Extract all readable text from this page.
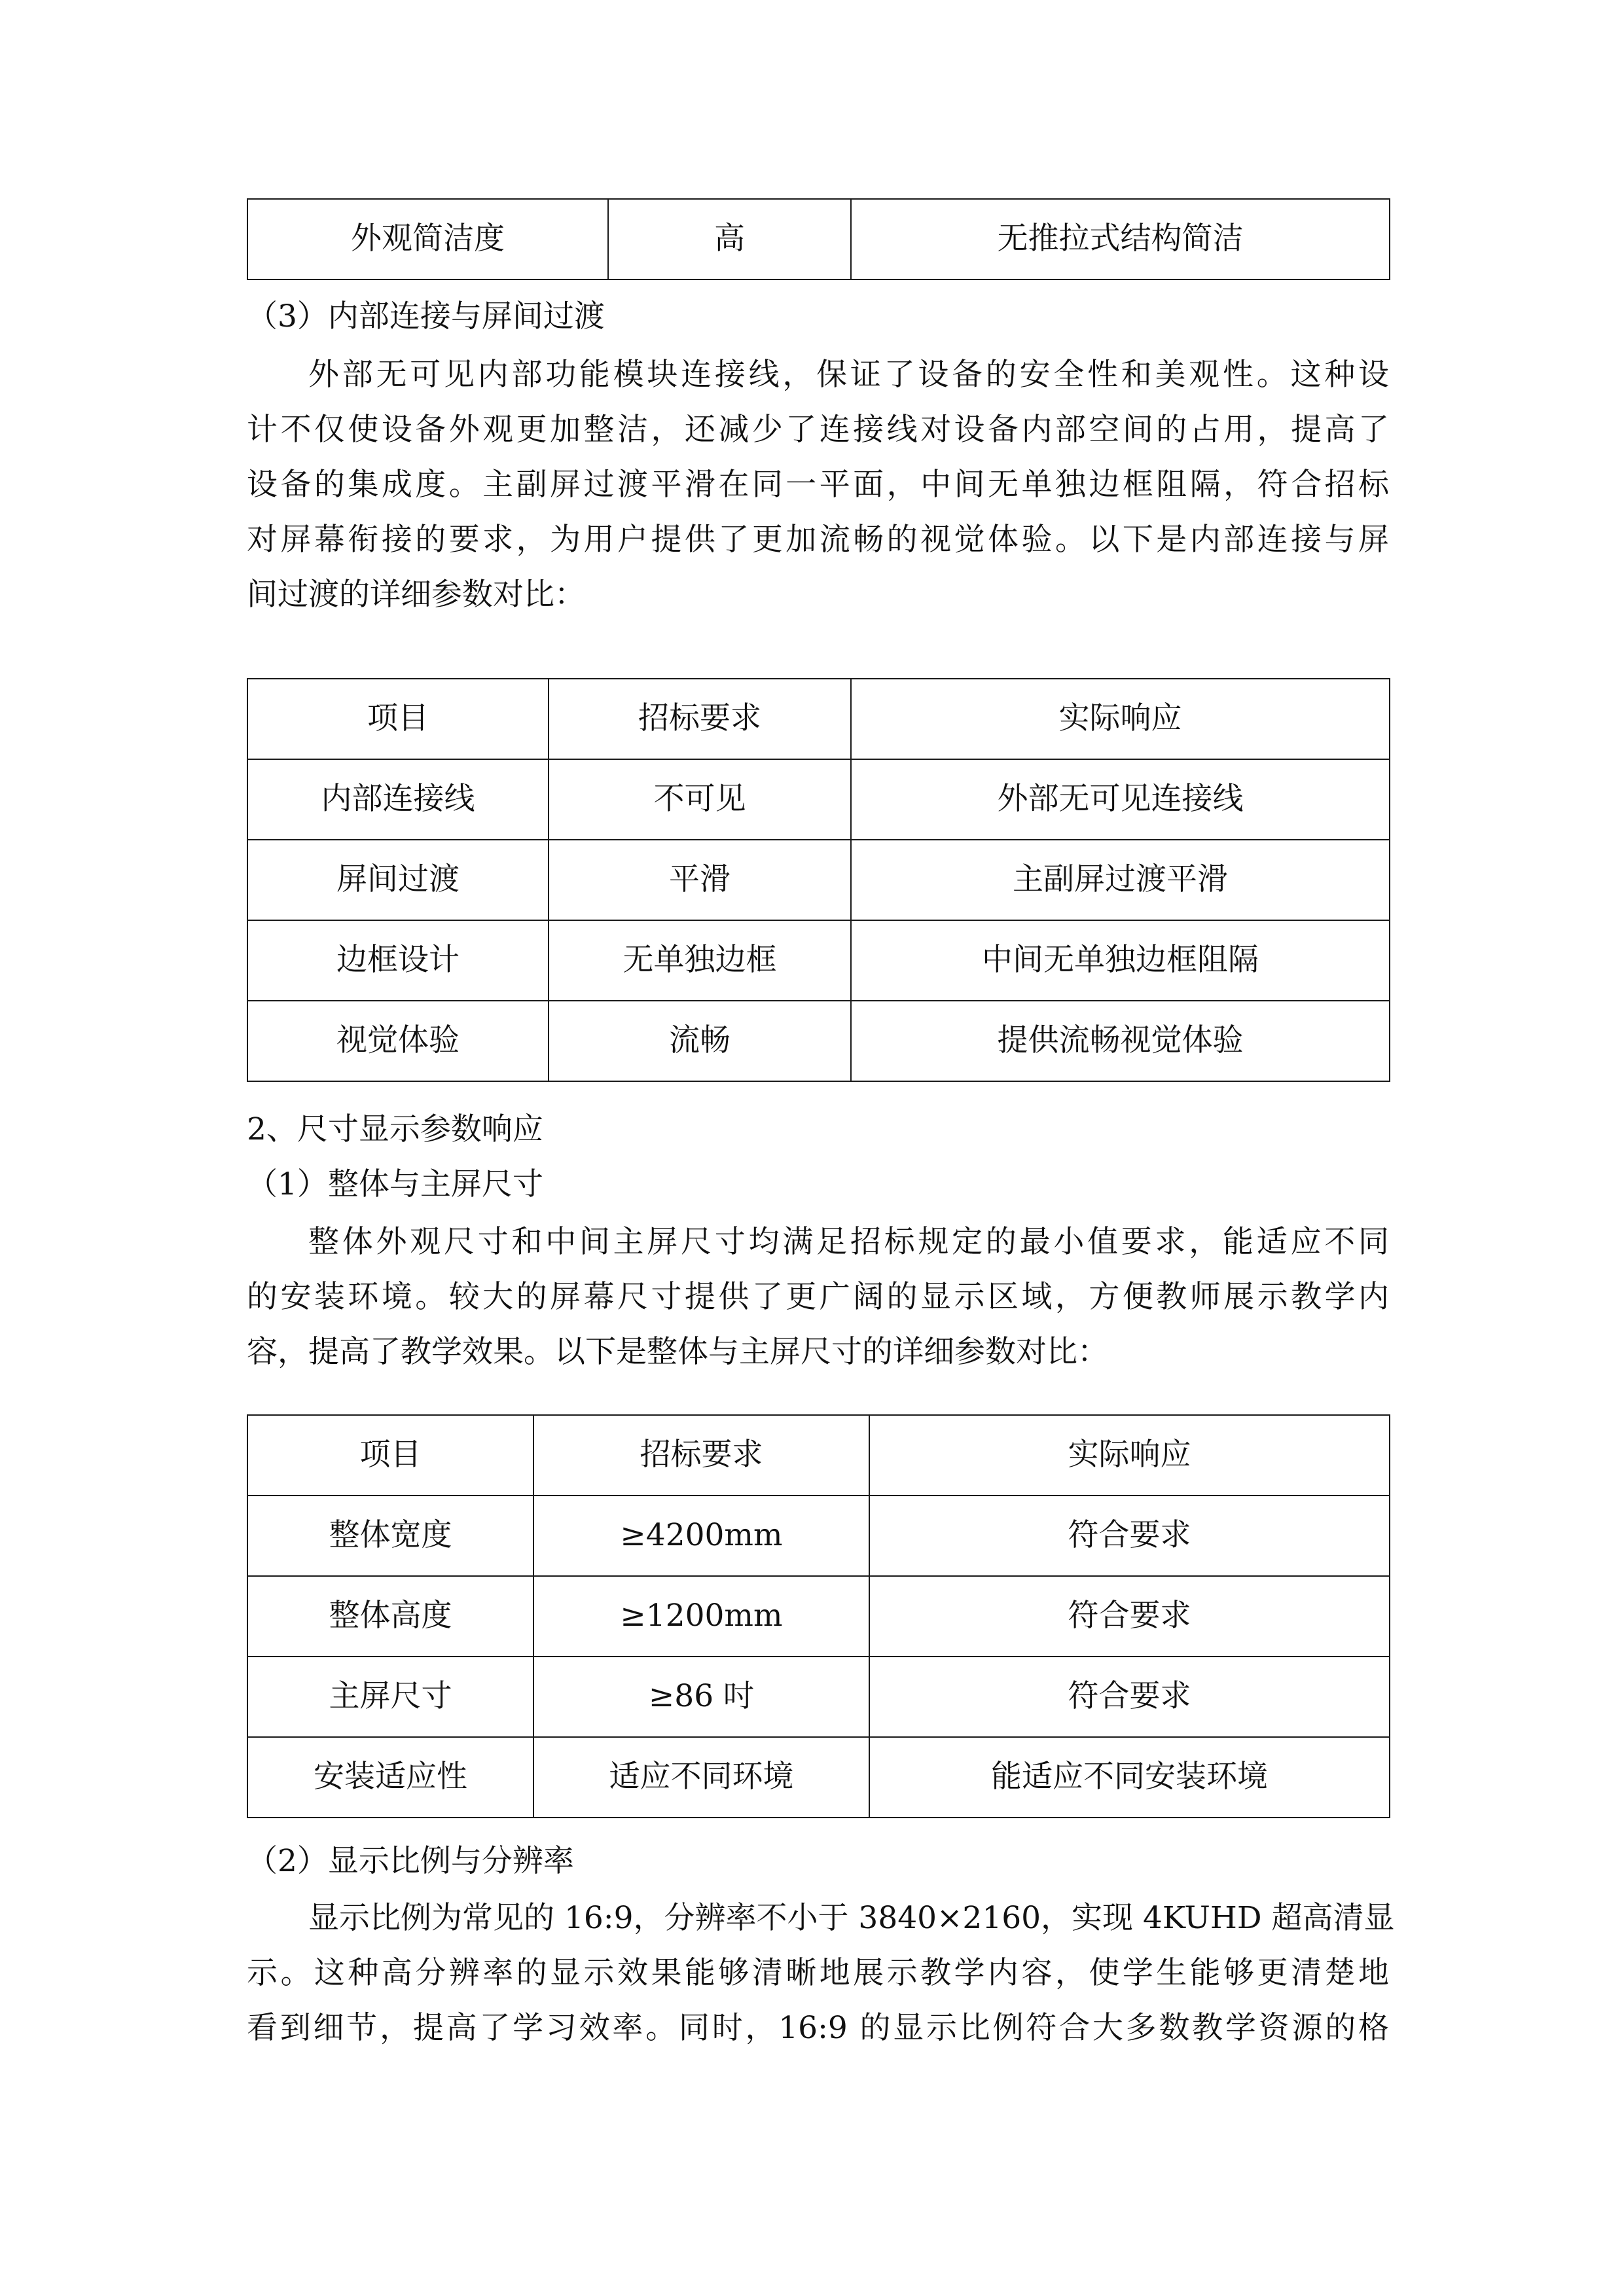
外观简洁度	高	无推拉式结构简洁
（3）内部连接与屏间过渡
外部无可见内部功能模块连接线，保证了设备的安全性和美观性。这种设
计不仅使设备外观更加整洁，还减少了连接线对设备内部空间的占用，提高了
设备的集成度。主副屏过渡平滑在同一平面，中间无单独边框阻隔，符合招标
对屏幕衔接的要求，为用户提供了更加流畅的视觉体验。以下是内部连接与屏
间过渡的详细参数对比：
项目	招标要求	实际响应
内部连接线	不可见	外部无可见连接线
屏间过渡	平滑	主副屏过渡平滑
边框设计	无单独边框	中间无单独边框阻隔
视觉体验	流畅	提供流畅视觉体验
2、尺寸显示参数响应
（1）整体与主屏尺寸
整体外观尺寸和中间主屏尺寸均满足招标规定的最小值要求，能适应不同
的安装环境。较大的屏幕尺寸提供了更广阔的显示区域，方便教师展示教学内
容，提高了教学效果。以下是整体与主屏尺寸的详细参数对比：
项目	招标要求	实际响应
整体宽度	≥4200mm	符合要求
整体高度	≥1200mm	符合要求
主屏尺寸	≥86 吋	符合要求
安装适应性	适应不同环境	能适应不同安装环境
（2）显示比例与分辨率
显示比例为常见的 16:9，分辨率不小于 3840×2160，实现 4KUHD 超高清显
示。这种高分辨率的显示效果能够清晰地展示教学内容，使学生能够更清楚地
看到细节，提高了学习效率。同时，16:9 的显示比例符合大多数教学资源的格
